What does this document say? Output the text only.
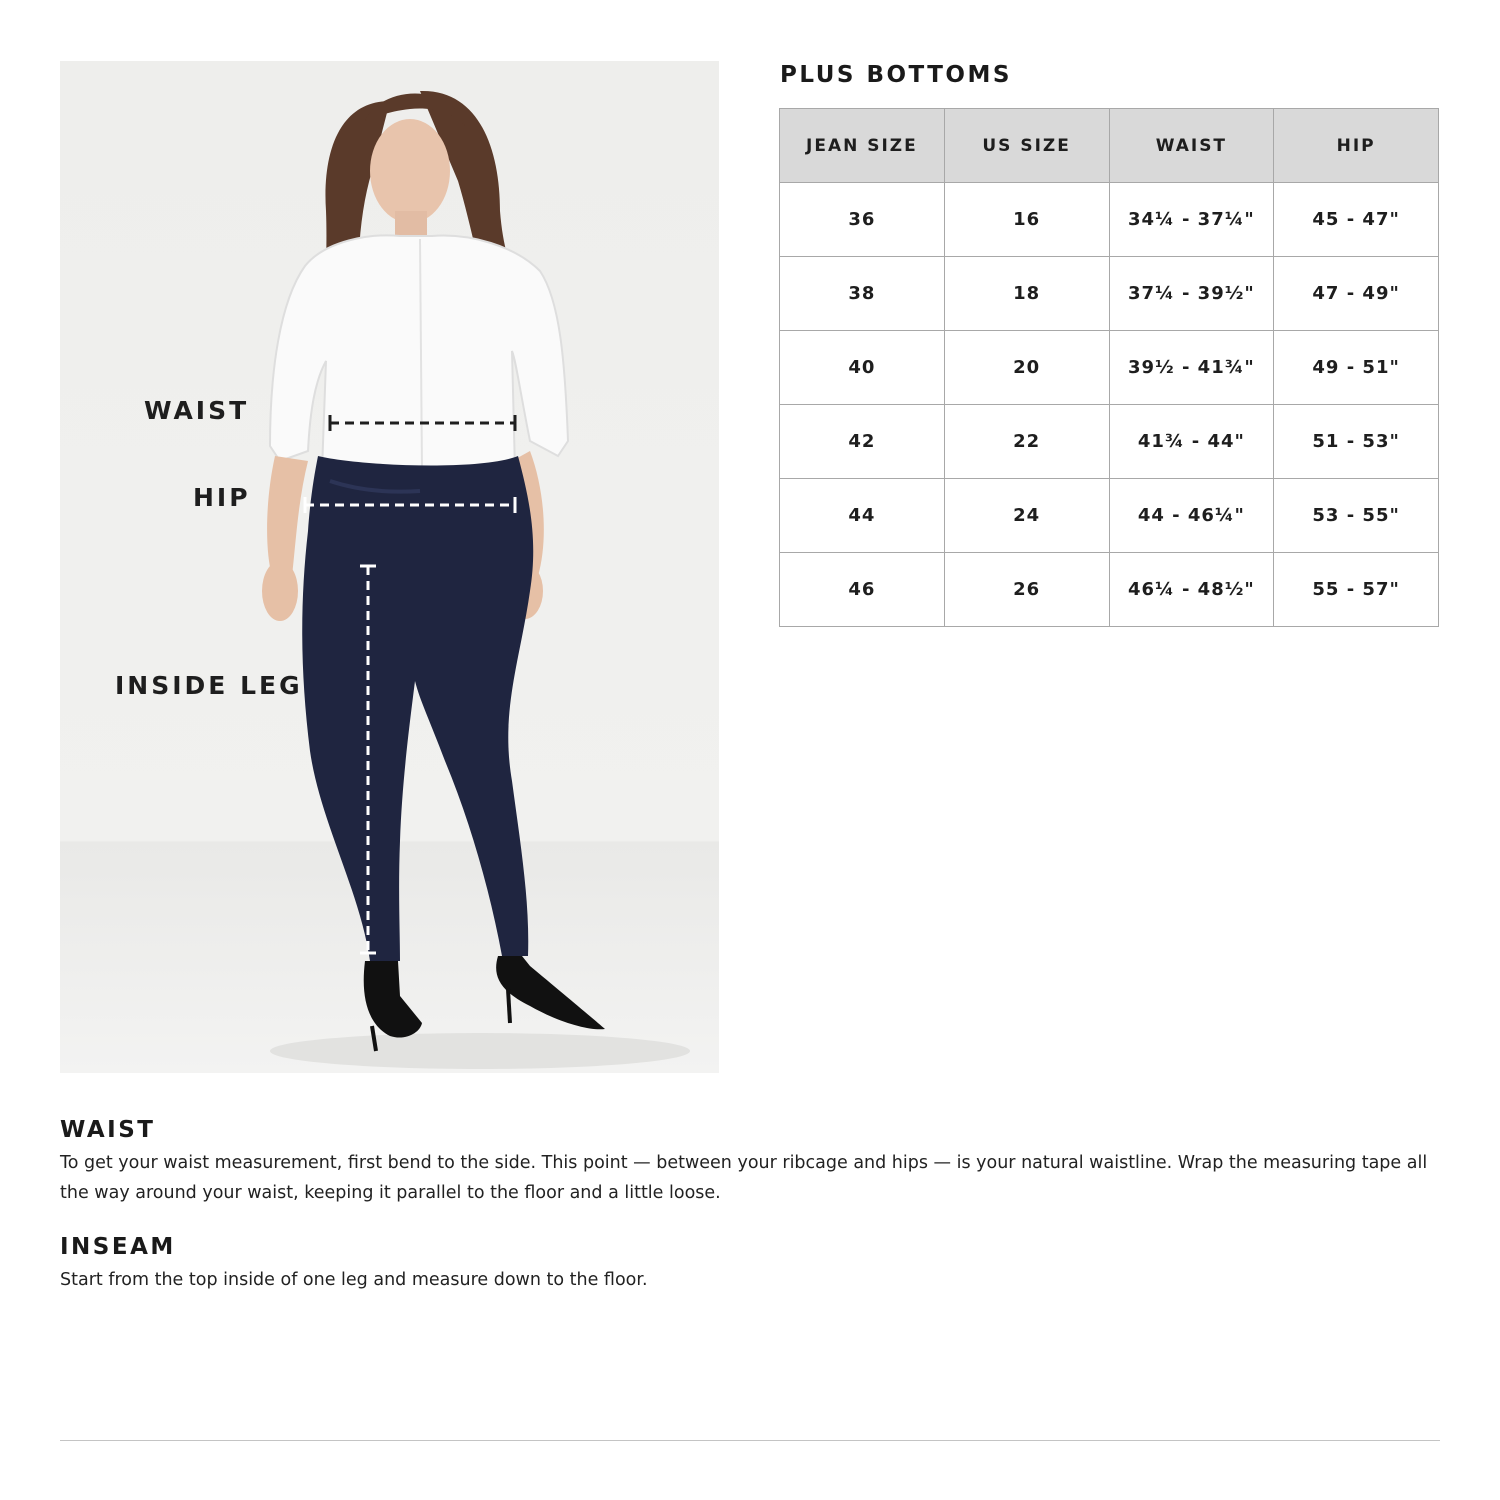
WAIST
HIP
INSIDE LEG
PLUS BOTTOMS
JEAN SIZE	US SIZE	WAIST	HIP
36	16	34¼ - 37¼"	45 - 47"
38	18	37¼ - 39½"	47 - 49"
40	20	39½ - 41¾"	49 - 51"
42	22	41¾ - 44"	51 - 53"
44	24	44 - 46¼"	53 - 55"
46	26	46¼ - 48½"	55 - 57"
WAIST
To get your waist measurement, first bend to the side. This point — between your ribcage and hips — is your natural waistline. Wrap the measuring tape all the way around your waist, keeping it parallel to the floor and a little loose.
INSEAM
Start from the top inside of one leg and measure down to the floor.
